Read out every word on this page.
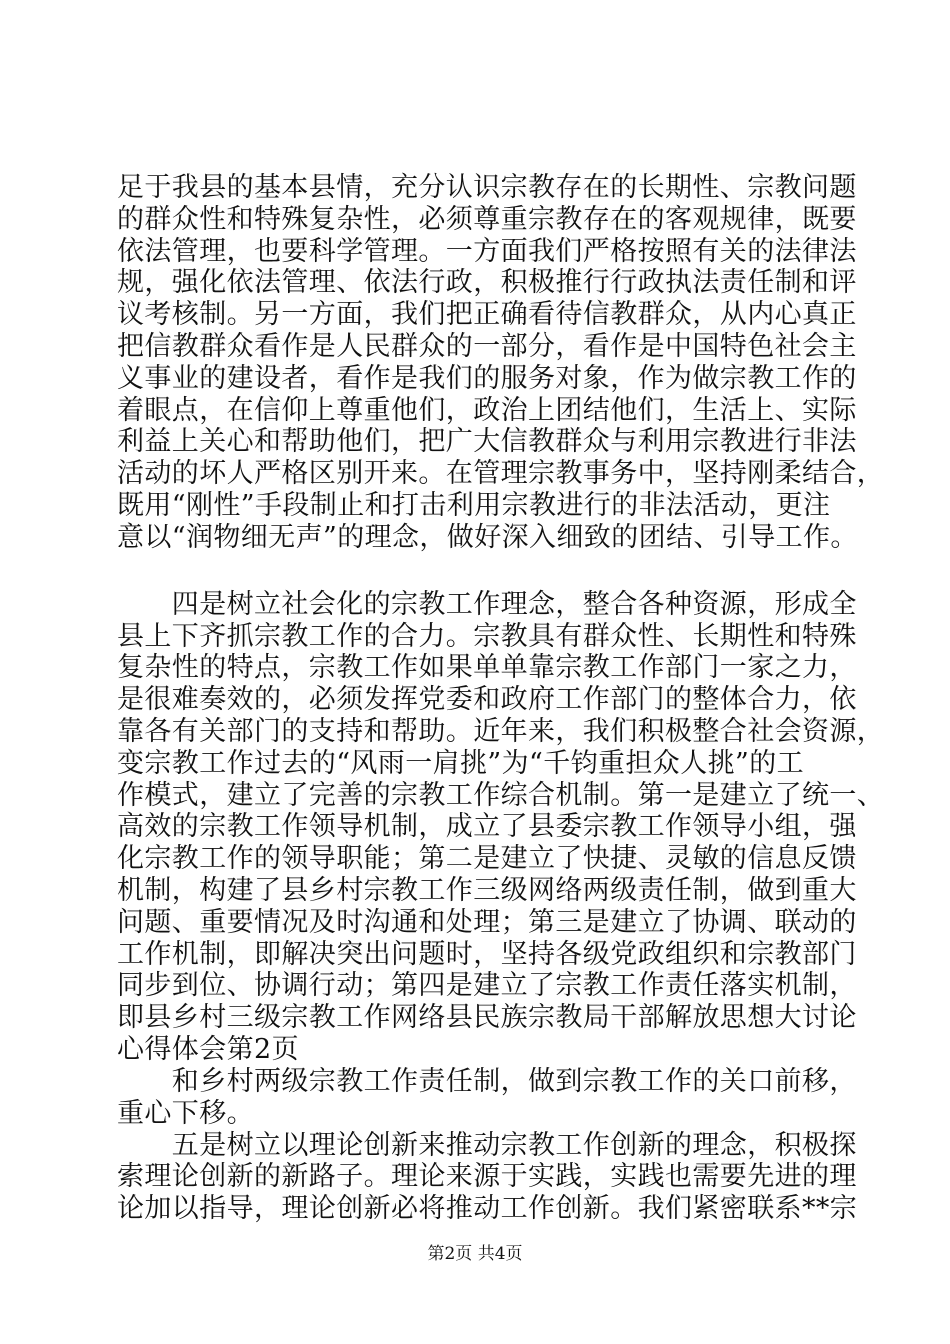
足于我县的基本县情，充分认识宗教存在的长期性、宗教问题
的群众性和特殊复杂性，必须尊重宗教存在的客观规律，既要
依法管理，也要科学管理。一方面我们严格按照有关的法律法
规，强化依法管理、依法行政，积极推行行政执法责任制和评
议考核制。另一方面，我们把正确看待信教群众，从内心真正
把信教群众看作是人民群众的一部分，看作是中国特色社会主
义事业的建设者，看作是我们的服务对象，作为做宗教工作的
着眼点，在信仰上尊重他们，政治上团结他们，生活上、实际
利益上关心和帮助他们，把广大信教群众与利用宗教进行非法
活动的坏人严格区别开来。在管理宗教事务中，坚持刚柔结合，
既用“刚性”手段制止和打击利用宗教进行的非法活动，更注
意以“润物细无声”的理念，做好深入细致的团结、引导工作。
　　四是树立社会化的宗教工作理念，整合各种资源，形成全
县上下齐抓宗教工作的合力。宗教具有群众性、长期性和特殊
复杂性的特点，宗教工作如果单单靠宗教工作部门一家之力，
是很难奏效的，必须发挥党委和政府工作部门的整体合力，依
靠各有关部门的支持和帮助。近年来，我们积极整合社会资源，
变宗教工作过去的“风雨一肩挑”为“千钧重担众人挑”的工
作模式，建立了完善的宗教工作综合机制。第一是建立了统一、
高效的宗教工作领导机制，成立了县委宗教工作领导小组，强
化宗教工作的领导职能；第二是建立了快捷、灵敏的信息反馈
机制，构建了县乡村宗教工作三级网络两级责任制，做到重大
问题、重要情况及时沟通和处理；第三是建立了协调、联动的
工作机制，即解决突出问题时，坚持各级党政组织和宗教部门
同步到位、协调行动；第四是建立了宗教工作责任落实机制，
即县乡村三级宗教工作网络县民族宗教局干部解放思想大讨论
心得体会第2页
　　和乡村两级宗教工作责任制，做到宗教工作的关口前移，
重心下移。
　　五是树立以理论创新来推动宗教工作创新的理念，积极探
索理论创新的新路子。理论来源于实践，实践也需要先进的理
论加以指导，理论创新必将推动工作创新。我们紧密联系**宗
第2页 共4页
